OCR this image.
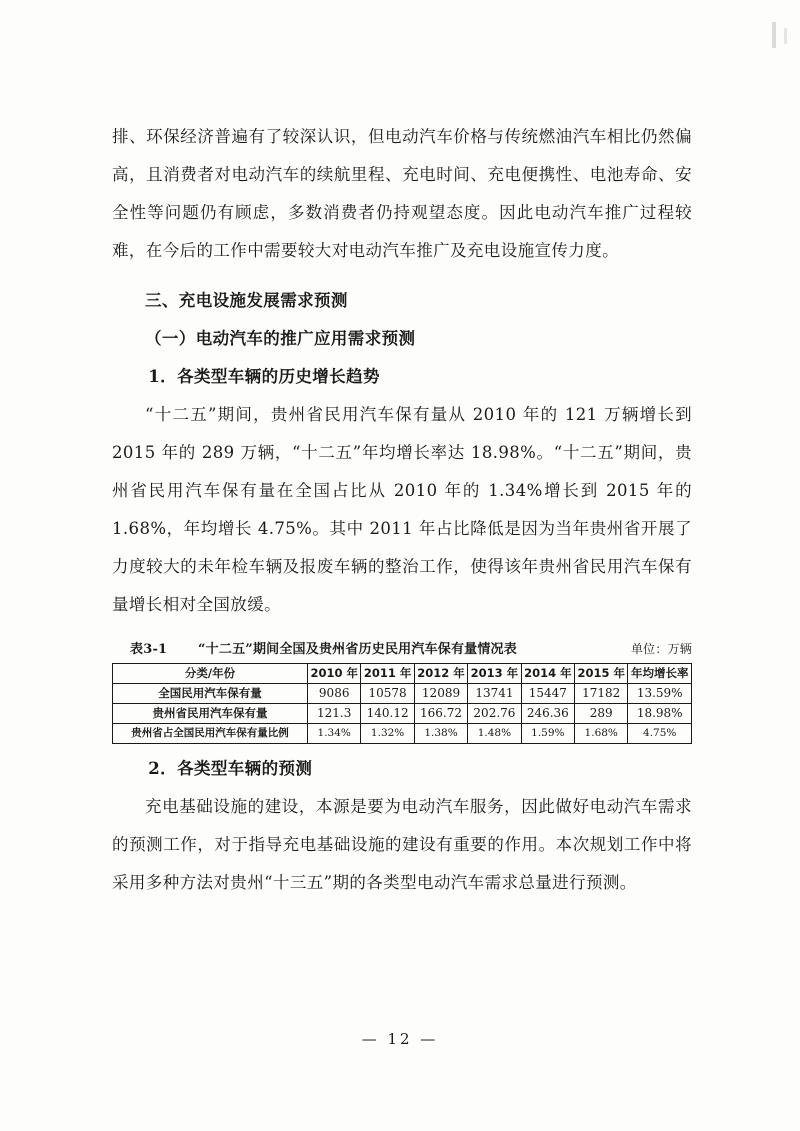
排、环保经济普遍有了较深认识，但电动汽车价格与传统燃油汽车相比仍然偏高，且消费者对电动汽车的续航里程、充电时间、充电便携性、电池寿命、安全性等问题仍有顾虑，多数消费者仍持观望态度。因此电动汽车推广过程较难，在今后的工作中需要较大对电动汽车推广及充电设施宣传力度。

三、充电设施发展需求预测

（一）电动汽车的推广应用需求预测

1．各类型车辆的历史增长趋势

“十二五”期间，贵州省民用汽车保有量从 2010 年的 121 万辆增长到 2015 年的 289 万辆，“十二五”年均增长率达 18.98%。“十二五”期间，贵州省民用汽车保有量在全国占比从 2010 年的 1.34%增长到 2015 年的 1.68%，年均增长 4.75%。其中 2011 年占比降低是因为当年贵州省开展了力度较大的未年检车辆及报废车辆的整治工作，使得该年贵州省民用汽车保有量增长相对全国放缓。

表3-1	“十二五”期间全国及贵州省历史民用汽车保有量情况表	单位：万辆
分类/年份	2010 年	2011 年	2012 年	2013 年	2014 年	2015 年	年均增长率
全国民用汽车保有量	9086	10578	12089	13741	15447	17182	13.59%
贵州省民用汽车保有量	121.3	140.12	166.72	202.76	246.36	289	18.98%
贵州省占全国民用汽车保有量比例	1.34%	1.32%	1.38%	1.48%	1.59%	1.68%	4.75%

2．各类型车辆的预测

充电基础设施的建设，本源是要为电动汽车服务，因此做好电动汽车需求的预测工作，对于指导充电基础设施的建设有重要的作用。本次规划工作中将采用多种方法对贵州“十三五”期的各类型电动汽车需求总量进行预测。

— 12 —
